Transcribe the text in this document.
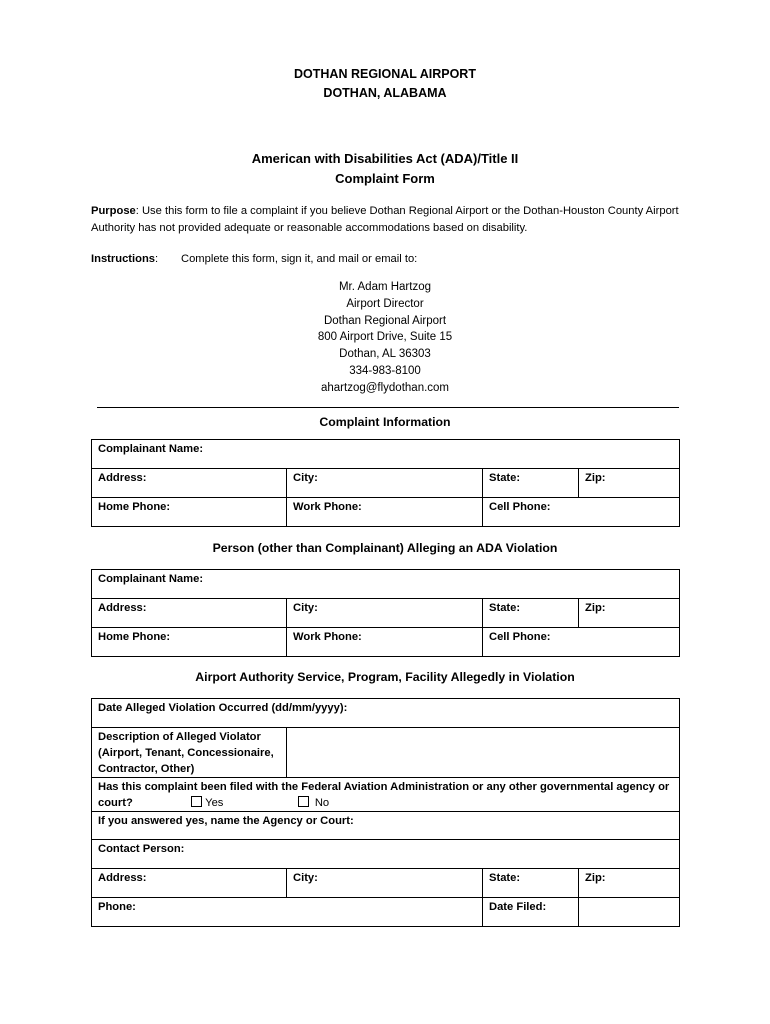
DOTHAN REGIONAL AIRPORT
DOTHAN, ALABAMA
American with Disabilities Act (ADA)/Title II
Complaint Form
Purpose: Use this form to file a complaint if you believe Dothan Regional Airport or the Dothan-Houston County Airport Authority has not provided adequate or reasonable accommodations based on disability.
Instructions: Complete this form, sign it, and mail or email to:
Mr. Adam Hartzog
Airport Director
Dothan Regional Airport
800 Airport Drive, Suite 15
Dothan, AL 36303
334-983-8100
ahartzog@flydothan.com
Complaint Information
Complainant Name:			
Address:	City:	State:	Zip:
Home Phone:	Work Phone:	Cell Phone:	
Person (other than Complainant) Alleging an ADA Violation
Complainant Name:			
Address:	City:	State:	Zip:
Home Phone:	Work Phone:	Cell Phone:	
Airport Authority Service, Program, Facility Allegedly in Violation
Date Alleged Violation Occurred (dd/mm/yyyy):			
Description of Alleged Violator (Airport, Tenant, Concessionaire, Contractor, Other)			
Has this complaint been filed with the Federal Aviation Administration or any other governmental agency or court? Yes No			
If you answered yes, name the Agency or Court:			
Contact Person:			
Address:	City:	State:	Zip:
Phone:		Date Filed:	
